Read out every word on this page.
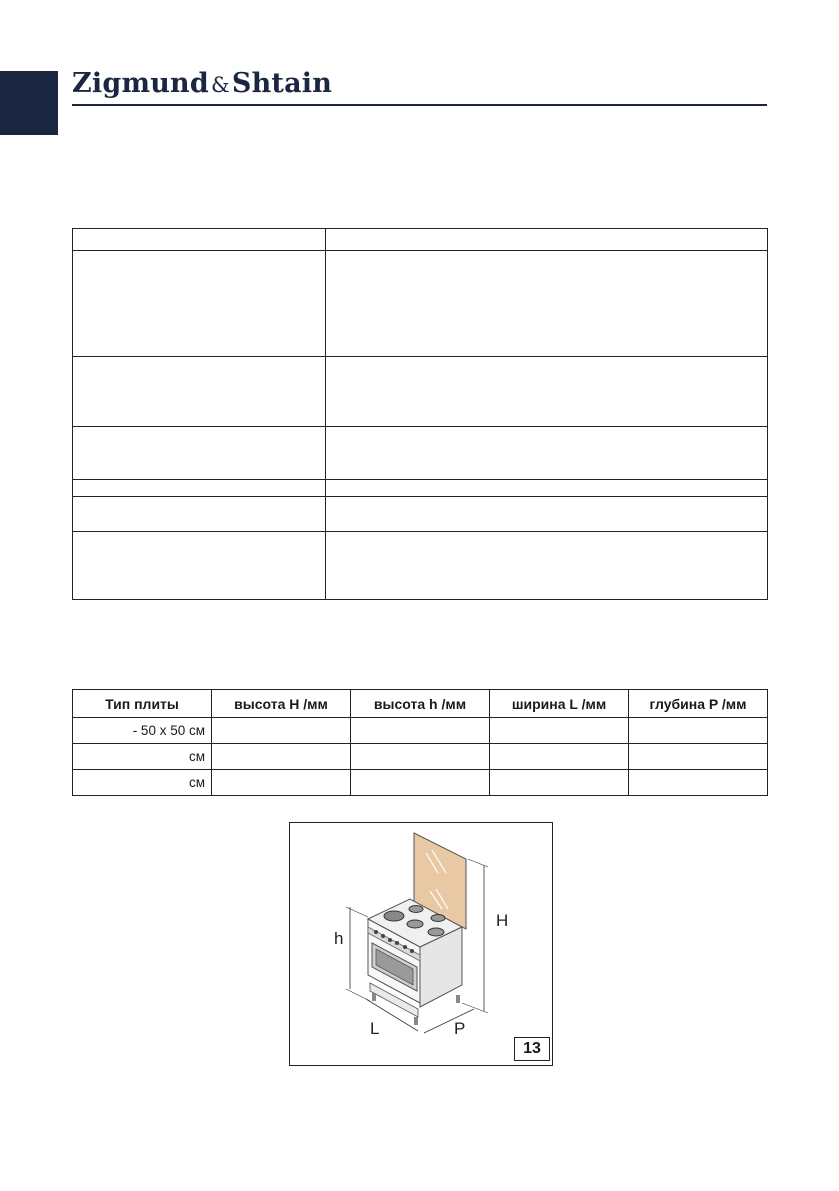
Zigmund&Shtain

Тип плиты	высота H /мм	высота h /мм	ширина L /мм	глубина P /мм
- 50 x 50 см				
см				
см				
h
H
L	P
13
